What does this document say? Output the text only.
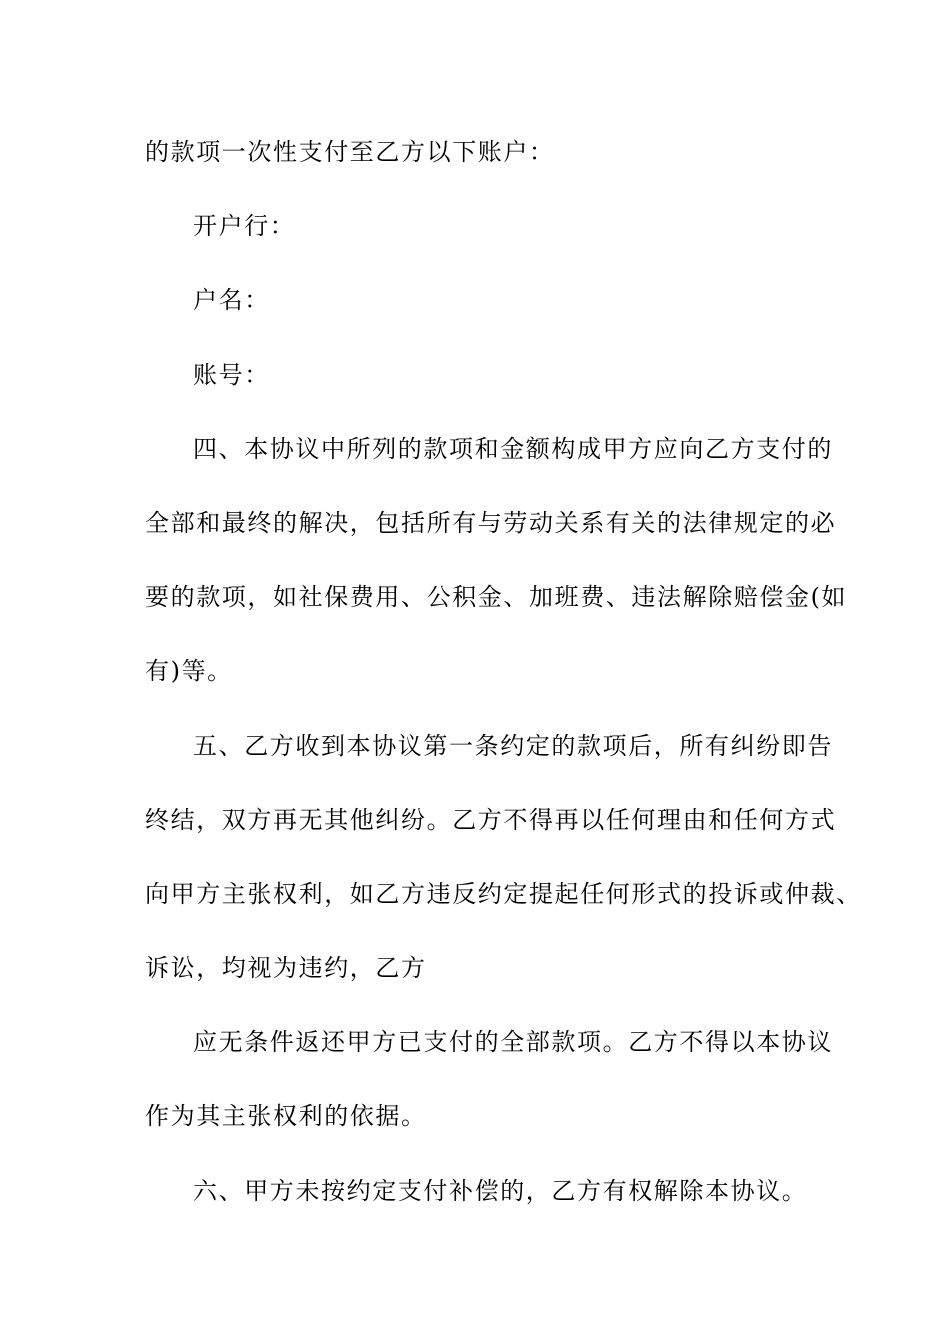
的款项一次性支付至乙方以下账户：
开户行：
户名：
账号：
四、本协议中所列的款项和金额构成甲方应向乙方支付的
全部和最终的解决，包括所有与劳动关系有关的法律规定的必
要的款项，如社保费用、公积金、加班费、违法解除赔偿金(如
有)等。
五、乙方收到本协议第一条约定的款项后，所有纠纷即告
终结，双方再无其他纠纷。乙方不得再以任何理由和任何方式
向甲方主张权利，如乙方违反约定提起任何形式的投诉或仲裁、
诉讼，均视为违约，乙方
应无条件返还甲方已支付的全部款项。乙方不得以本协议
作为其主张权利的依据。
六、甲方未按约定支付补偿的，乙方有权解除本协议。
